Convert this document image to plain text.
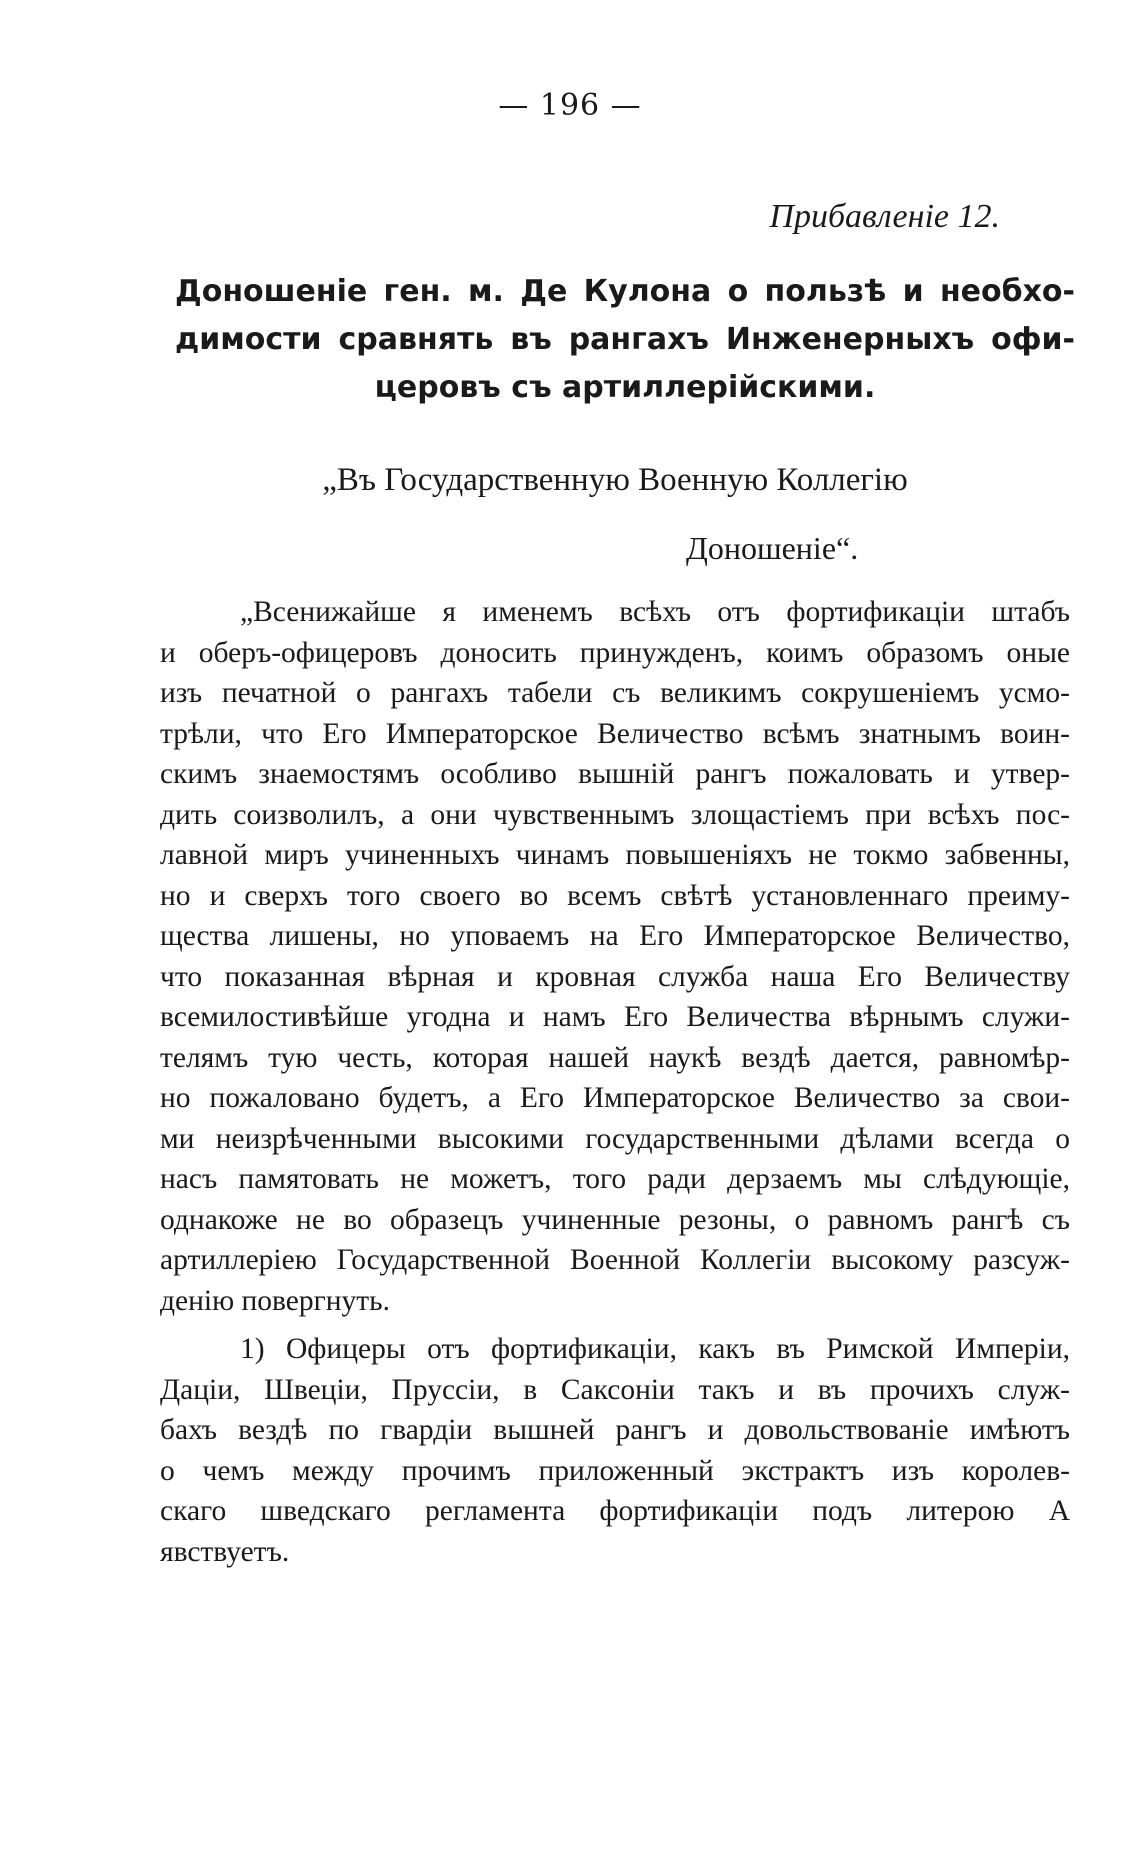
— 196 —
Прибавленіе 12.
Доношеніе ген. м. Де Кулона о пользѣ и необхо-
димости сравнять въ рангахъ Инженерныхъ офи-
церовъ съ артиллерійскими.
„Въ Государственную Военную Коллегію
Доношеніе“.
„Всенижайше я именемъ всѣхъ отъ фортификаціи штабъ
и оберъ-офицеровъ доносить принужденъ, коимъ образомъ оные
изъ печатной о рангахъ табели съ великимъ сокрушеніемъ усмо-
трѣли, что Его Императорское Величество всѣмъ знатнымъ воин-
скимъ знаемостямъ особливо вышній рангъ пожаловать и утвер-
дить соизволилъ, а они чувственнымъ злощастіемъ при всѣхъ пос-
лавной миръ учиненныхъ чинамъ повышеніяхъ не токмо забвенны,
но и сверхъ того своего во всемъ свѣтѣ установленнаго преиму-
щества лишены, но уповаемъ на Его Императорское Величество,
что показанная вѣрная и кровная служба наша Его Величеству
всемилостивѣйше угодна и намъ Его Величества вѣрнымъ служи-
телямъ тую честь, которая нашей наукѣ вездѣ дается, равномѣр-
но пожаловано будетъ, а Его Императорское Величество за свои-
ми неизрѣченными высокими государственными дѣлами всегда о
насъ памятовать не можетъ, того ради дерзаемъ мы слѣдующіе,
однакоже не во образецъ учиненные резоны, о равномъ рангѣ съ
артиллеріею Государственной Военной Коллегіи высокому разсуж-
денію повергнуть.
1) Офицеры отъ фортификаціи, какъ въ Римской Имперіи,
Даціи, Швеціи, Пруссіи, в Саксоніи такъ и въ прочихъ служ-
бахъ вездѣ по гвардіи вышней рангъ и довольствованіе имѣютъ
о чемъ между прочимъ приложенный экстрактъ изъ королев-
скаго шведскаго регламента фортификаціи подъ литерою А
явствуетъ.
